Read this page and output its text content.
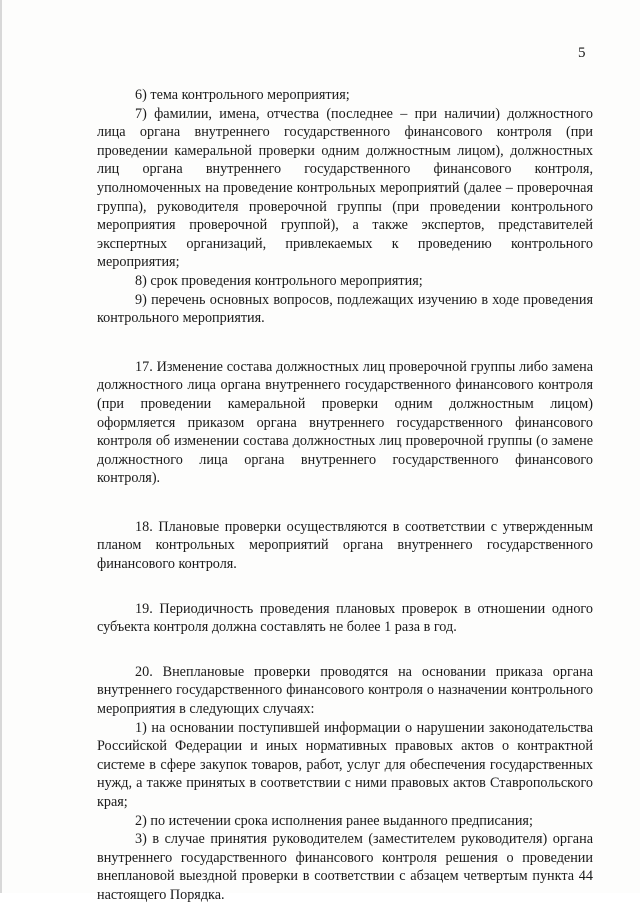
5

6) тема контрольного мероприятия;

7) фамилии, имена, отчества (последнее – при наличии) должностного лица органа внутреннего государственного финансового контроля (при проведении камеральной проверки одним должностным лицом), должностных лиц органа внутреннего государственного финансового контроля, уполномоченных на проведение контрольных мероприятий (далее – проверочная группа), руководителя проверочной группы (при проведении контрольного мероприятия проверочной группой), а также экспертов, представителей экспертных организаций, привлекаемых к проведению контрольного мероприятия;

8) срок проведения контрольного мероприятия;

9) перечень основных вопросов, подлежащих изучению в ходе проведения контрольного мероприятия.

17. Изменение состава должностных лиц проверочной группы либо замена должностного лица органа внутреннего государственного финансового контроля (при проведении камеральной проверки одним должностным лицом) оформляется приказом органа внутреннего государственного финансового контроля об изменении состава должностных лиц проверочной группы (о замене должностного лица органа внутреннего государственного финансового контроля).

18. Плановые проверки осуществляются в соответствии с утвержденным планом контрольных мероприятий органа внутреннего государственного финансового контроля.

19. Периодичность проведения плановых проверок в отношении одного субъекта контроля должна составлять не более 1 раза в год.

20. Внеплановые проверки проводятся на основании приказа органа внутреннего государственного финансового контроля о назначении контрольного мероприятия в следующих случаях:

1) на основании поступившей информации о нарушении законодательства Российской Федерации и иных нормативных правовых актов о контрактной системе в сфере закупок товаров, работ, услуг для обеспечения государственных нужд, а также принятых в соответствии с ними правовых актов Ставропольского края;

2) по истечении срока исполнения ранее выданного предписания;

3) в случае принятия руководителем (заместителем руководителя) органа внутреннего государственного финансового контроля решения о проведении внеплановой выездной проверки в соответствии с абзацем четвертым пункта 44 настоящего Порядка.
